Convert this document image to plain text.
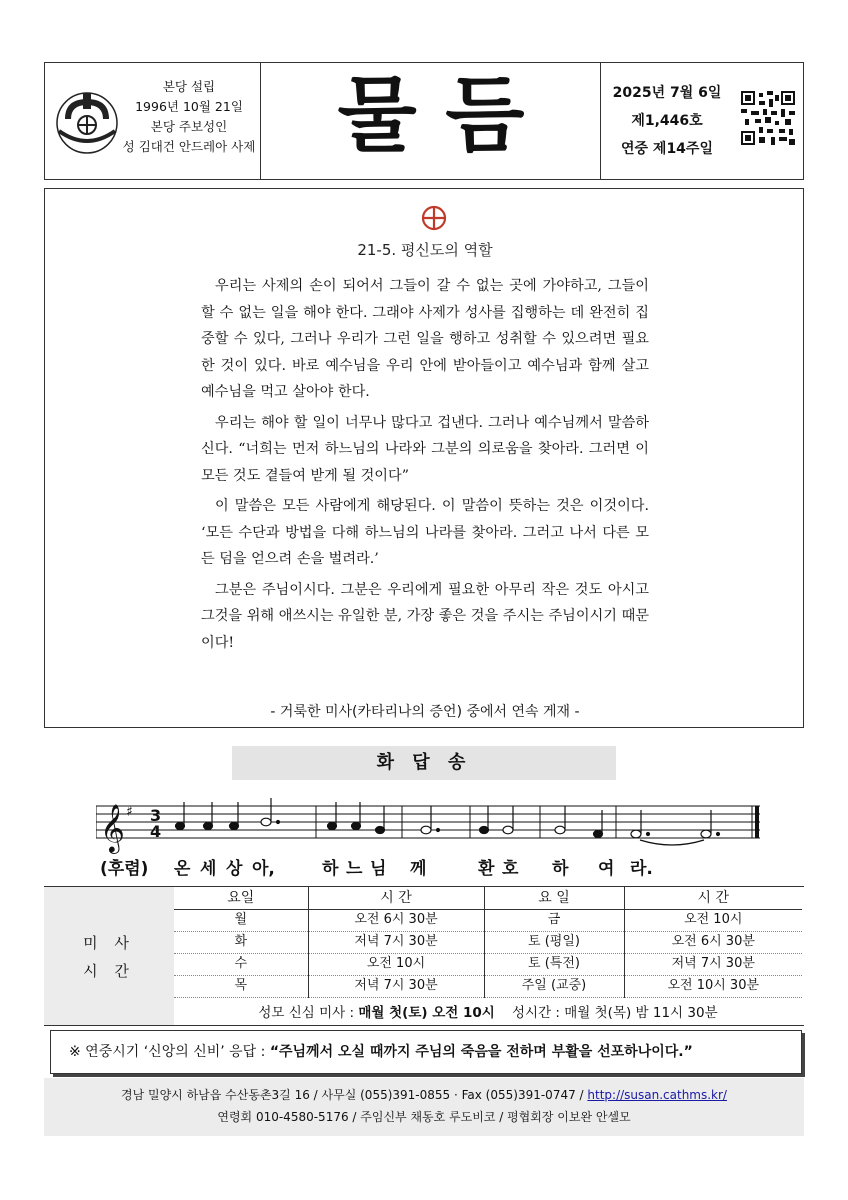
본당 설립
1996년 10월 21일
본당 주보성인
성 김대건 안드레아 사제 물 듬	2025년 7월 6일
제1,446호
연중 제14주일
21-5. 평신도의 역할

우리는 사제의 손이 되어서 그들이 갈 수 없는 곳에 가야하고, 그들이 할 수 없는 일을 해야 한다. 그래야 사제가 성사를 집행하는 데 완전히 집중할 수 있다, 그러나 우리가 그런 일을 행하고 성취할 수 있으려면 필요한 것이 있다. 바로 예수님을 우리 안에 받아들이고 예수님과 함께 살고 예수님을 먹고 살아야 한다.

우리는 해야 할 일이 너무나 많다고 겁낸다. 그러나 예수님께서 말씀하신다. “너희는 먼저 하느님의 나라와 그분의 의로움을 찾아라. 그러면 이 모든 것도 곁들여 받게 될 것이다”

이 말씀은 모든 사람에게 해당된다. 이 말씀이 뜻하는 것은 이것이다. ‘모든 수단과 방법을 다해 하느님의 나라를 찾아라. 그러고 나서 다른 모든 덤을 얻으려 손을 벌려라.’

그분은 주님이시다. 그분은 우리에게 필요한 아무리 작은 것도 아시고 그것을 위해 애쓰시는 유일한 분, 가장 좋은 것을 주시는 주님이시기 때문이다!

- 거룩한 미사(카타리나의 증언) 중에서 연속 게재 -
화 답 송
𝄞 ♯ 3
4
(후렴) 온 세 상 아,	하 느 님 께	환 호 하 여 라.
미 사
시 간
요일	시 간	요 일	시 간
월	오전 6시 30분	금	오전 10시
화	저녁 7시 30분	토 (평일)	오전 6시 30분
수	오전 10시	토 (특전)	저녁 7시 30분
목	저녁 7시 30분	주일 (교중)	오전 10시 30분
성모 신심 미사 : 매월 첫(토) 오전 10시 성시간 : 매월 첫(목) 밤 11시 30분
※ 연중시기 ‘신앙의 신비’ 응답 : “주님께서 오실 때까지 주님의 죽음을 전하며 부활을 선포하나이다.”
경남 밀양시 하남읍 수산동촌3길 16 / 사무실 (055)391-0855 · Fax (055)391-0747 / http://susan.cathms.kr/
연령회 010-4580-5176 / 주임신부 채동호 루도비코 / 평협회장 이보완 안셀모
